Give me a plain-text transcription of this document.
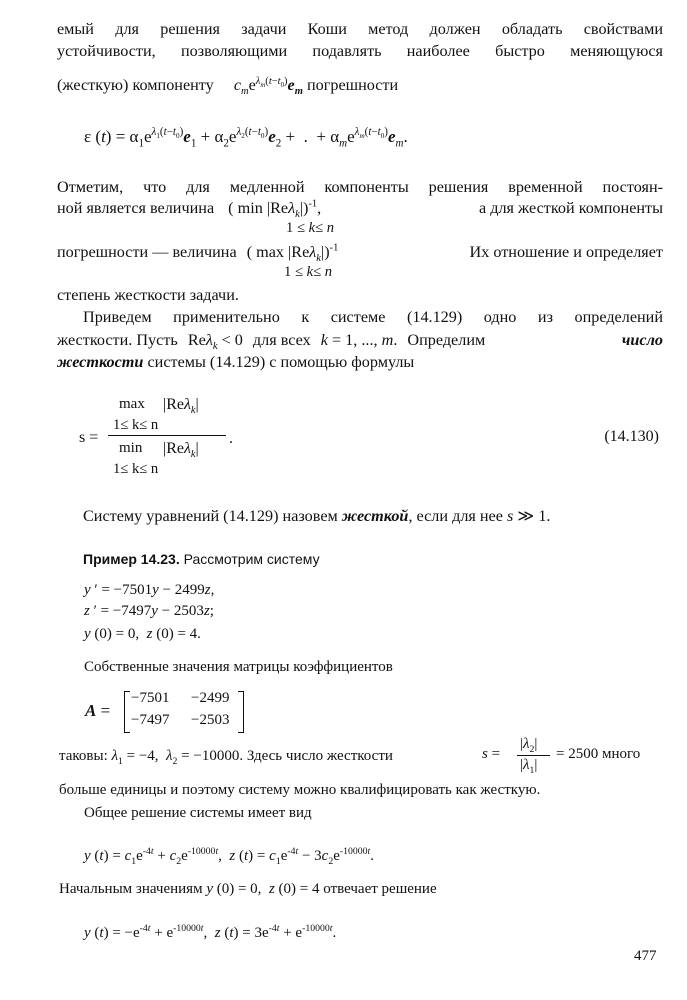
емый для решения задачи Коши метод должен обладать свойствами
устойчивости, позволяющими подавлять наиболее быстро меняющуюся
(жесткую) компоненту $c_me^{\lambda_m(t-t_0)}e_m$ погрешности
ε $(t) = \alpha_1e^{\lambda_1(t-t_0)}e_1 + \alpha_2e^{\lambda_2(t-t_0)}e_2$ +  .  + $\alpha_me^{\lambda_m(t-t_0)}e_m$.
Отметим, что для медленной компоненты решения временной постоян-
ной является величина ( min |Reλ$_k$|)$^{-1}$,	а для жесткой компоненты
1 ≤ k≤ n
погрешности — величина ( max |Reλ$_k$|)$^{-1}$	Их отношение и определяет
1 ≤ k≤ n
степень жесткости задачи.
Приведем применительно к системе (14.129) одно из определений
жесткости. Пусть Reλ$_k$ < 0 для всех k = 1, ..., m. Определим	число
жесткости системы (14.129) с помощью формулы
s =
max |Reλ$_k$|
1≤ k≤ n
min |Reλ$_k$|
1≤ k≤ n
.	(14.130)
Систему уравнений (14.129) назовем жесткой, если для нее s ≫ 1.
Пример 14.23. Рассмотрим систему
y ′ = −7501y − 2499z,
z ′ = −7497y − 2503z;
y (0) = 0,  z (0) = 4.
Собственные значения матрицы коэффициентов
A =
−7501 −2499
−7497 −2503
таковы: $\lambda_1 = -4$,  $\lambda_2 = -10000$. Здесь число жесткости	s =
$|\lambda_2|$
$|\lambda_1|$
= 2500 много
больше единицы и поэтому систему можно квалифицировать как жесткую.
Общее решение системы имеет вид
y $(t) = c_1e^{-4t} + c_2e^{-10000t}$,  z $(t) = c_1e^{-4t} - 3c_2e^{-10000t}$.
Начальным значениям y (0) = 0,  z (0) = 4 отвечает решение
y $(t) = -e^{-4t} + e^{-10000t}$,  z $(t) = 3e^{-4t} + e^{-10000t}$.
477
